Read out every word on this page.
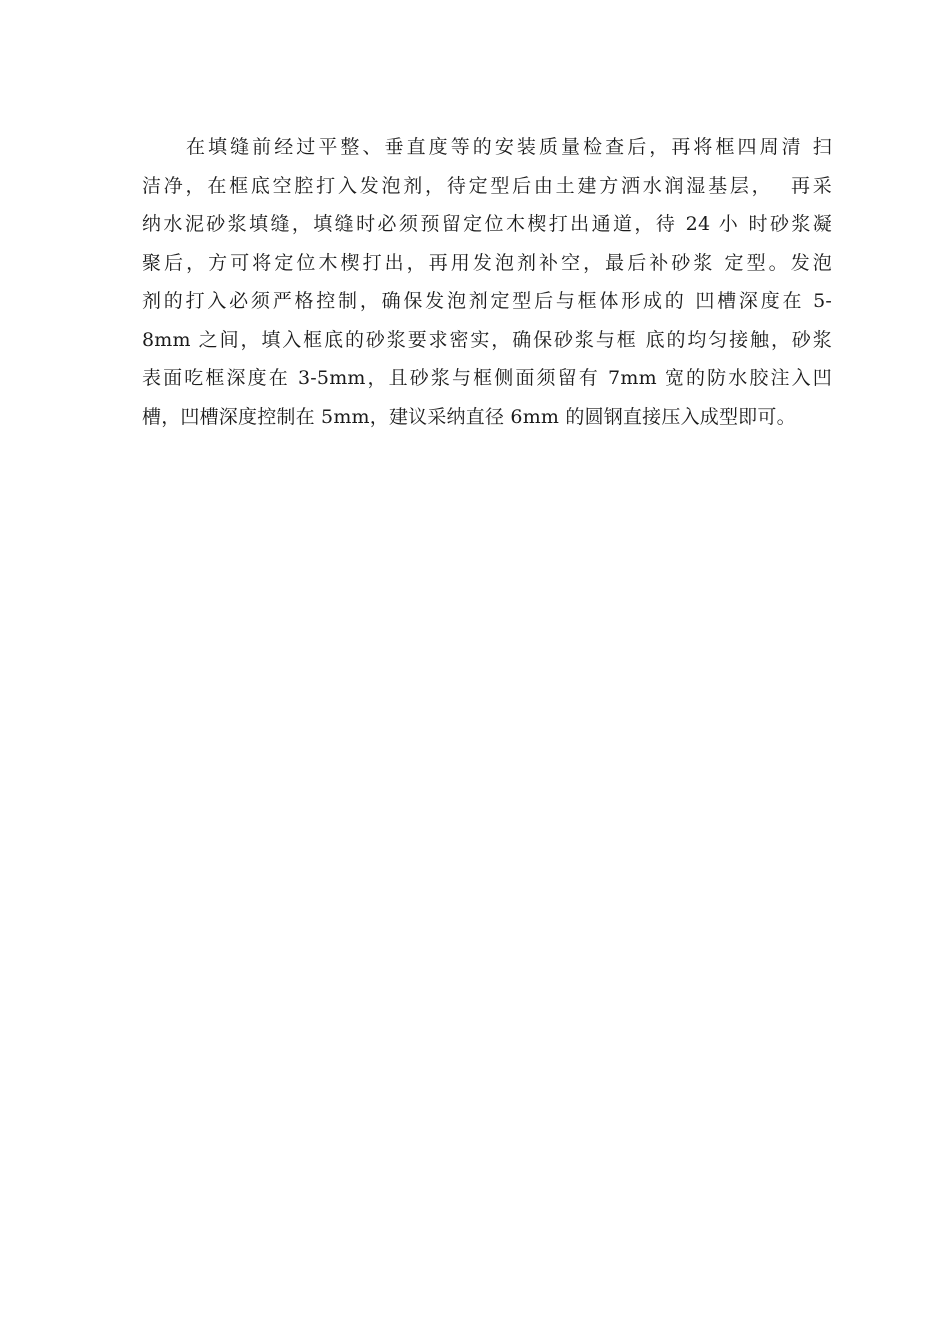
在填缝前经过平整、垂直度等的安装质量检查后，再将框四周清 扫
洁净，在框底空腔打入发泡剂，待定型后由土建方洒水润湿基层，  再采
纳水泥砂浆填缝，填缝时必须预留定位木楔打出通道，待 24 小 时砂浆凝
聚后，方可将定位木楔打出，再用发泡剂补空，最后补砂浆 定型。发泡
剂的打入必须严格控制，确保发泡剂定型后与框体形成的 凹槽深度在 5-
8mm 之间，填入框底的砂浆要求密实，确保砂浆与框 底的均匀接触，砂浆
表面吃框深度在 3-5mm，且砂浆与框侧面须留有 7mm 宽的防水胶注入凹
槽，凹槽深度控制在 5mm，建议采纳直径 6mm 的圆钢直接压入成型即可。
